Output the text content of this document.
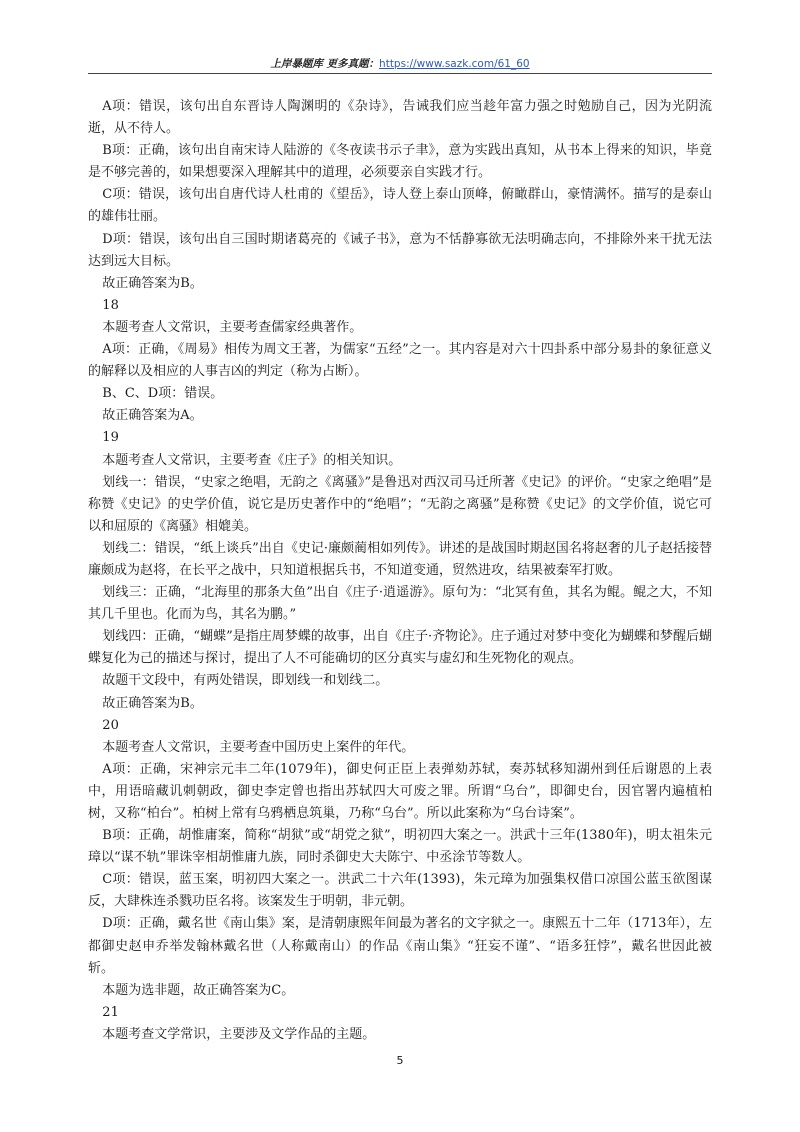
上岸暴题库 更多真题：https://www.sazk.com/61_60

A项：错误，该句出自东晋诗人陶渊明的《杂诗》，告诫我们应当趁年富力强之时勉励自己，因为光阴流逝，从不待人。

B项：正确，该句出自南宋诗人陆游的《冬夜读书示子聿》，意为实践出真知，从书本上得来的知识，毕竟是不够完善的，如果想要深入理解其中的道理，必须要亲自实践才行。

C项：错误，该句出自唐代诗人杜甫的《望岳》，诗人登上泰山顶峰，俯瞰群山，豪情满怀。描写的是泰山的雄伟壮丽。

D项：错误，该句出自三国时期诸葛亮的《诫子书》，意为不恬静寡欲无法明确志向，不排除外来干扰无法达到远大目标。

故正确答案为B。

18

本题考查人文常识，主要考查儒家经典著作。

A项：正确，《周易》相传为周文王著，为儒家“五经”之一。其内容是对六十四卦系中部分易卦的象征意义的解释以及相应的人事吉凶的判定（称为占断）。

B、C、D项：错误。

故正确答案为A。

19

本题考查人文常识，主要考查《庄子》的相关知识。

划线一：错误，“史家之绝唱，无韵之《离骚》”是鲁迅对西汉司马迁所著《史记》的评价。“史家之绝唱”是称赞《史记》的史学价值，说它是历史著作中的“绝唱”；“无韵之离骚”是称赞《史记》的文学价值，说它可以和屈原的《离骚》相媲美。

划线二：错误，“纸上谈兵”出自《史记·廉颇蔺相如列传》。讲述的是战国时期赵国名将赵奢的儿子赵括接替廉颇成为赵将，在长平之战中，只知道根据兵书，不知道变通，贸然进攻，结果被秦军打败。

划线三：正确，“北海里的那条大鱼”出自《庄子·逍遥游》。原句为：“北冥有鱼，其名为鲲。鲲之大，不知其几千里也。化而为鸟，其名为鹏。”

划线四：正确，“蝴蝶”是指庄周梦蝶的故事，出自《庄子·齐物论》。庄子通过对梦中变化为蝴蝶和梦醒后蝴蝶复化为己的描述与探讨，提出了人不可能确切的区分真实与虚幻和生死物化的观点。

故题干文段中，有两处错误，即划线一和划线二。

故正确答案为B。

20

本题考查人文常识，主要考查中国历史上案件的年代。

A项：正确，宋神宗元丰二年(1079年)，御史何正臣上表弹劾苏轼，奏苏轼移知湖州到任后谢恩的上表中，用语暗藏讥刺朝政，御史李定曾也指出苏轼四大可废之罪。所谓“乌台”，即御史台，因官署内遍植柏树，又称“柏台”。柏树上常有乌鸦栖息筑巢，乃称“乌台”。所以此案称为“乌台诗案”。

B项：正确，胡惟庸案，简称“胡狱”或“胡党之狱”，明初四大案之一。洪武十三年(1380年)，明太祖朱元璋以“谋不轨”罪诛宰相胡惟庸九族，同时杀御史大夫陈宁、中丞涂节等数人。

C项：错误，蓝玉案，明初四大案之一。洪武二十六年(1393)，朱元璋为加强集权借口凉国公蓝玉欲图谋反，大肆株连杀戮功臣名将。该案发生于明朝，非元朝。

D项：正确，戴名世《南山集》案，是清朝康熙年间最为著名的文字狱之一。康熙五十二年（1713年），左都御史赵申乔举发翰林戴名世（人称戴南山）的作品《南山集》“狂妄不谨”、“语多狂悖”，戴名世因此被斩。

本题为选非题，故正确答案为C。

21

本题考查文学常识，主要涉及文学作品的主题。

5
